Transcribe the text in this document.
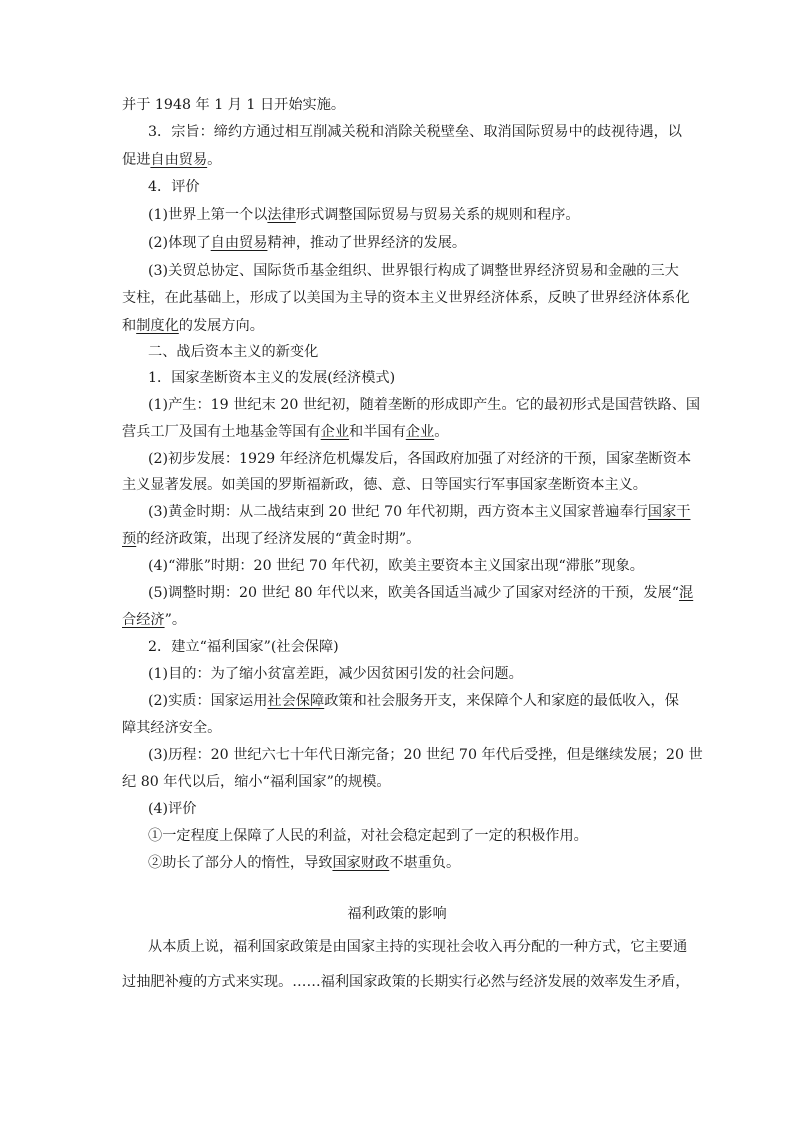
并于 1948 年 1 月 1 日开始实施。
3．宗旨：缔约方通过相互削减关税和消除关税壁垒、取消国际贸易中的歧视待遇，以
促进自由贸易。
4．评价
(1)世界上第一个以法律形式调整国际贸易与贸易关系的规则和程序。
(2)体现了自由贸易精神，推动了世界经济的发展。
(3)关贸总协定、国际货币基金组织、世界银行构成了调整世界经济贸易和金融的三大
支柱，在此基础上，形成了以美国为主导的资本主义世界经济体系，反映了世界经济体系化
和制度化的发展方向。
二、战后资本主义的新变化
1．国家垄断资本主义的发展(经济模式)
(1)产生：19 世纪末 20 世纪初，随着垄断的形成即产生。它的最初形式是国营铁路、国
营兵工厂及国有土地基金等国有企业和半国有企业。
(2)初步发展：1929 年经济危机爆发后，各国政府加强了对经济的干预，国家垄断资本
主义显著发展。如美国的罗斯福新政，德、意、日等国实行军事国家垄断资本主义。
(3)黄金时期：从二战结束到 20 世纪 70 年代初期，西方资本主义国家普遍奉行国家干
预的经济政策，出现了经济发展的“黄金时期”。
(4)“滞胀”时期：20 世纪 70 年代初，欧美主要资本主义国家出现“滞胀”现象。
(5)调整时期：20 世纪 80 年代以来，欧美各国适当减少了国家对经济的干预，发展“混
合经济”。
2．建立“福利国家”(社会保障)
(1)目的：为了缩小贫富差距，减少因贫困引发的社会问题。
(2)实质：国家运用社会保障政策和社会服务开支，来保障个人和家庭的最低收入，保
障其经济安全。
(3)历程：20 世纪六七十年代日渐完备；20 世纪 70 年代后受挫，但是继续发展；20 世
纪 80 年代以后，缩小“福利国家”的规模。
(4)评价
①一定程度上保障了人民的利益，对社会稳定起到了一定的积极作用。
②助长了部分人的惰性，导致国家财政不堪重负。
福利政策的影响
从本质上说，福利国家政策是由国家主持的实现社会收入再分配的一种方式，它主要通
过抽肥补瘦的方式来实现。……福利国家政策的长期实行必然与经济发展的效率发生矛盾，
